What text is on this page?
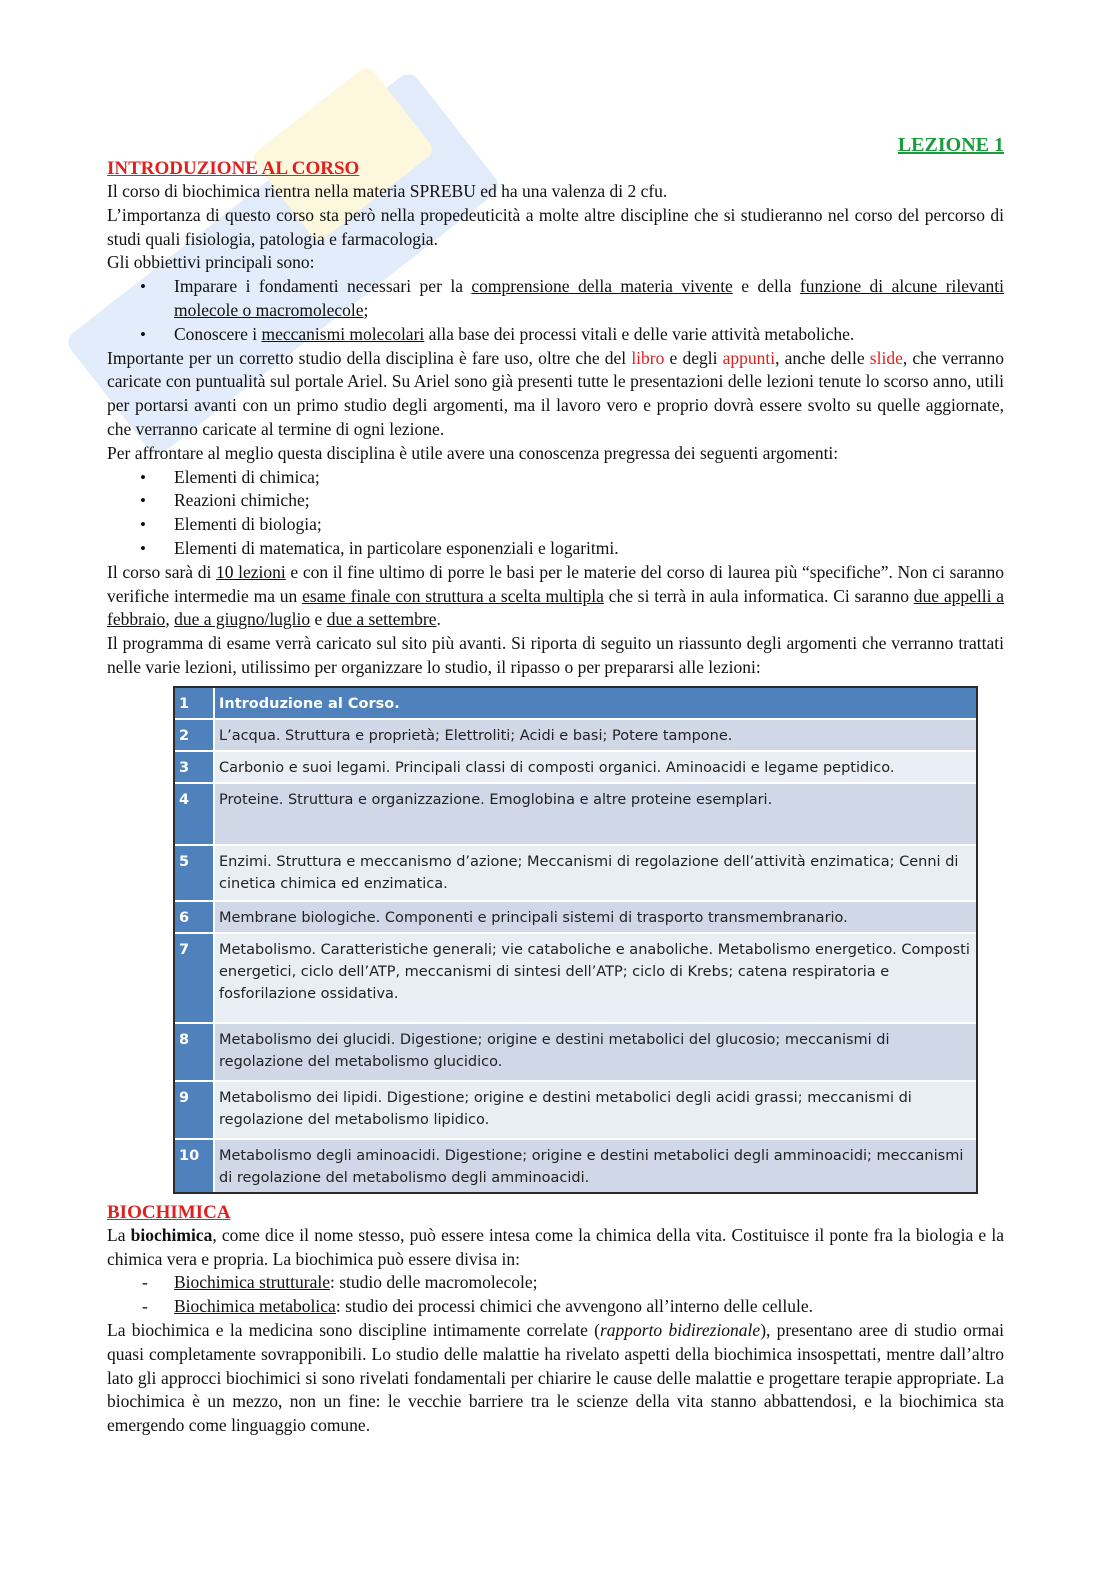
LEZIONE 1
INTRODUZIONE AL CORSO

Il corso di biochimica rientra nella materia SPREBU ed ha una valenza di 2 cfu.

L’importanza di questo corso sta però nella propedeuticità a molte altre discipline che si studieranno nel corso del percorso di studi quali fisiologia, patologia e farmacologia.

Gli obbiettivi principali sono:

• Imparare i fondamenti necessari per la comprensione della materia vivente e della funzione di alcune rilevanti molecole o macromolecole;
• Conoscere i meccanismi molecolari alla base dei processi vitali e delle varie attività metaboliche.

Importante per un corretto studio della disciplina è fare uso, oltre che del libro e degli appunti, anche delle slide, che verranno caricate con puntualità sul portale Ariel. Su Ariel sono già presenti tutte le presentazioni delle lezioni tenute lo scorso anno, utili per portarsi avanti con un primo studio degli argomenti, ma il lavoro vero e proprio dovrà essere svolto su quelle aggiornate, che verranno caricate al termine di ogni lezione.

Per affrontare al meglio questa disciplina è utile avere una conoscenza pregressa dei seguenti argomenti:

• Elementi di chimica;
• Reazioni chimiche;
• Elementi di biologia;
• Elementi di matematica, in particolare esponenziali e logaritmi.

Il corso sarà di 10 lezioni e con il fine ultimo di porre le basi per le materie del corso di laurea più “specifiche”. Non ci saranno verifiche intermedie ma un esame finale con struttura a scelta multipla che si terrà in aula informatica. Ci saranno due appelli a febbraio, due a giugno/luglio e due a settembre.

Il programma di esame verrà caricato sul sito più avanti. Si riporta di seguito un riassunto degli argomenti che verranno trattati nelle varie lezioni, utilissimo per organizzare lo studio, il ripasso o per prepararsi alle lezioni:

1	Introduzione al Corso.
2	L’acqua. Struttura e proprietà; Elettroliti; Acidi e basi; Potere tampone.
3	Carbonio e suoi legami. Principali classi di composti organici. Aminoacidi e legame peptidico.
4	Proteine. Struttura e organizzazione. Emoglobina e altre proteine esemplari.
5	Enzimi. Struttura e meccanismo d’azione; Meccanismi di regolazione dell’attività enzimatica; Cenni di cinetica chimica ed enzimatica.
6	Membrane biologiche. Componenti e principali sistemi di trasporto transmembranario.
7	Metabolismo. Caratteristiche generali; vie cataboliche e anaboliche. Metabolismo energetico. Composti energetici, ciclo dell’ATP, meccanismi di sintesi dell’ATP; ciclo di Krebs; catena respiratoria e fosforilazione ossidativa.
8	Metabolismo dei glucidi. Digestione; origine e destini metabolici del glucosio; meccanismi di regolazione del metabolismo glucidico.
9	Metabolismo dei lipidi. Digestione; origine e destini metabolici degli acidi grassi; meccanismi di regolazione del metabolismo lipidico.
10	Metabolismo degli aminoacidi. Digestione; origine e destini metabolici degli amminoacidi; meccanismi di regolazione del metabolismo degli amminoacidi.
BIOCHIMICA

La biochimica, come dice il nome stesso, può essere intesa come la chimica della vita. Costituisce il ponte fra la biologia e la chimica vera e propria. La biochimica può essere divisa in:

- Biochimica strutturale: studio delle macromolecole;
- Biochimica metabolica: studio dei processi chimici che avvengono all’interno delle cellule.

La biochimica e la medicina sono discipline intimamente correlate (rapporto bidirezionale), presentano aree di studio ormai quasi completamente sovrapponibili. Lo studio delle malattie ha rivelato aspetti della biochimica insospettati, mentre dall’altro lato gli approcci biochimici si sono rivelati fondamentali per chiarire le cause delle malattie e progettare terapie appropriate. La biochimica è un mezzo, non un fine: le vecchie barriere tra le scienze della vita stanno abbattendosi, e la biochimica sta emergendo come linguaggio comune.
